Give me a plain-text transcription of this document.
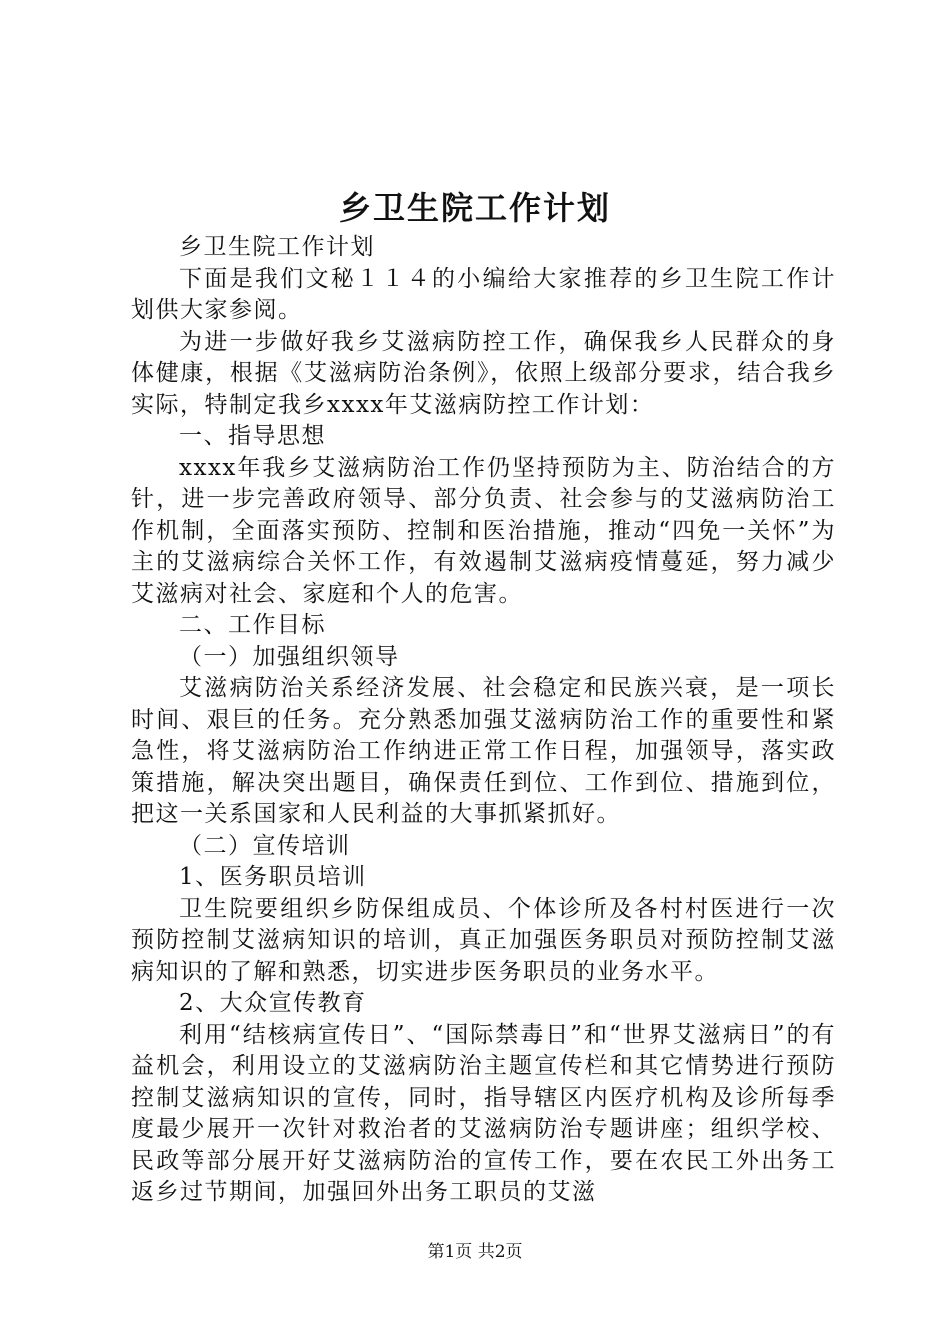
乡卫生院工作计划

乡卫生院工作计划

下面是我们文秘１１４的小编给大家推荐的乡卫生院工作计划供大家参阅。

为进一步做好我乡艾滋病防控工作，确保我乡人民群众的身体健康，根据《艾滋病防治条例》，依照上级部分要求，结合我乡实际，特制定我乡xxxx年艾滋病防控工作计划：

一、指导思想

xxxx年我乡艾滋病防治工作仍坚持预防为主、防治结合的方针，进一步完善政府领导、部分负责、社会参与的艾滋病防治工作机制，全面落实预防、控制和医治措施，推动“四免一关怀”为主的艾滋病综合关怀工作，有效遏制艾滋病疫情蔓延，努力减少艾滋病对社会、家庭和个人的危害。

二、工作目标

（一）加强组织领导

艾滋病防治关系经济发展、社会稳定和民族兴衰，是一项长时间、艰巨的任务。充分熟悉加强艾滋病防治工作的重要性和紧急性，将艾滋病防治工作纳进正常工作日程，加强领导，落实政策措施，解决突出题目，确保责任到位、工作到位、措施到位，把这一关系国家和人民利益的大事抓紧抓好。

（二）宣传培训

1、医务职员培训

卫生院要组织乡防保组成员、个体诊所及各村村医进行一次预防控制艾滋病知识的培训，真正加强医务职员对预防控制艾滋病知识的了解和熟悉，切实进步医务职员的业务水平。

2、大众宣传教育

利用“结核病宣传日”、“国际禁毒日”和“世界艾滋病日”的有益机会，利用设立的艾滋病防治主题宣传栏和其它情势进行预防控制艾滋病知识的宣传，同时，指导辖区内医疗机构及诊所每季度最少展开一次针对救治者的艾滋病防治专题讲座；组织学校、民政等部分展开好艾滋病防治的宣传工作，要在农民工外出务工返乡过节期间，加强回外出务工职员的艾滋

第1页 共2页
